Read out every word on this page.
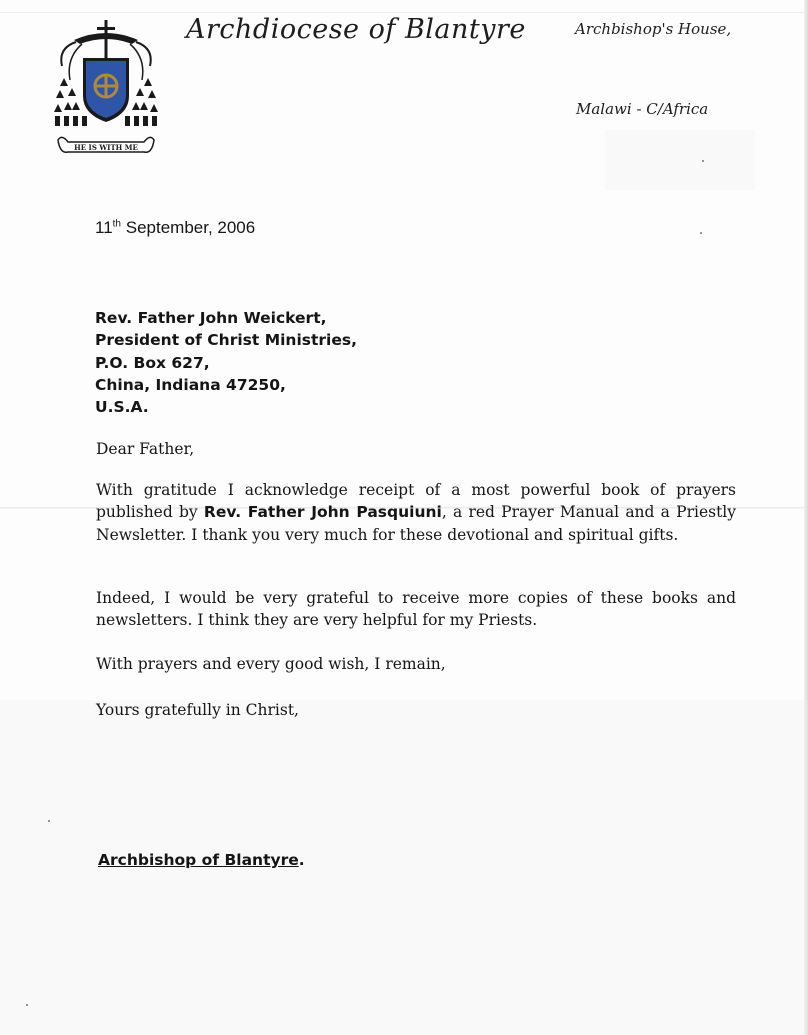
HE IS WITH ME

Archdiocese of Blantyre	Archbishop's House,

Malawi - C/Africa

11th September, 2006

Rev. Father John Weickert,
President of Christ Ministries,
P.O. Box 627,
China, Indiana 47250,
U.S.A.

Dear Father,

With gratitude I acknowledge receipt of a most powerful book of prayers published by Rev. Father John Pasquiuni, a red Prayer Manual and a Priestly Newsletter. I thank you very much for these devotional and spiritual gifts.

Indeed, I would be very grateful to receive more copies of these books and newsletters. I think they are very helpful for my Priests.

With prayers and every good wish, I remain,

Yours gratefully in Christ,

Archbishop of Blantyre.
